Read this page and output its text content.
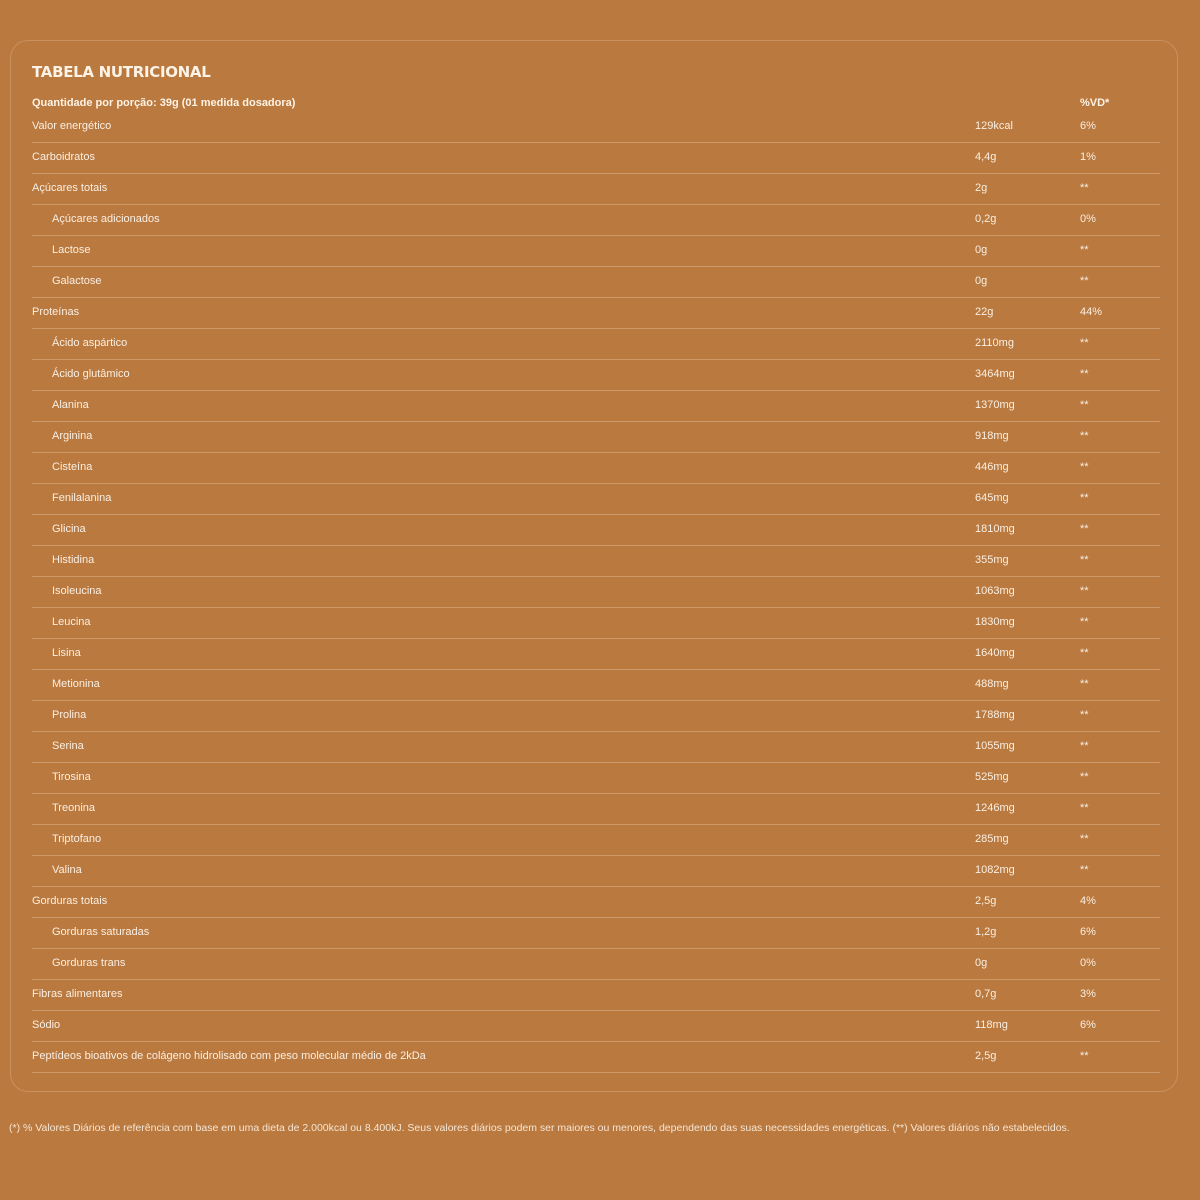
TABELA NUTRICIONAL
Quantidade por porção: 39g (01 medida dosadora)	%VD*
Valor energético	129kcal	6%
Carboidratos	4,4g	1%
Açúcares totais	2g	**
Açúcares adicionados	0,2g	0%
Lactose	0g	**
Galactose	0g	**
Proteínas	22g	44%
Ácido aspártico	2110mg	**
Ácido glutâmico	3464mg	**
Alanina	1370mg	**
Arginina	918mg	**
Cisteína	446mg	**
Fenilalanina	645mg	**
Glicina	1810mg	**
Histidina	355mg	**
Isoleucina	1063mg	**
Leucina	1830mg	**
Lisina	1640mg	**
Metionina	488mg	**
Prolina	1788mg	**
Serina	1055mg	**
Tirosina	525mg	**
Treonina	1246mg	**
Triptofano	285mg	**
Valina	1082mg	**
Gorduras totais	2,5g	4%
Gorduras saturadas	1,2g	6%
Gorduras trans	0g	0%
Fibras alimentares	0,7g	3%
Sódio	118mg	6%
Peptídeos bioativos de colágeno hidrolisado com peso molecular médio de 2kDa	2,5g	**
(*) % Valores Diários de referência com base em uma dieta de 2.000kcal ou 8.400kJ. Seus valores diários podem ser maiores ou menores, dependendo das suas necessidades energéticas. (**) Valores diários não estabelecidos.
